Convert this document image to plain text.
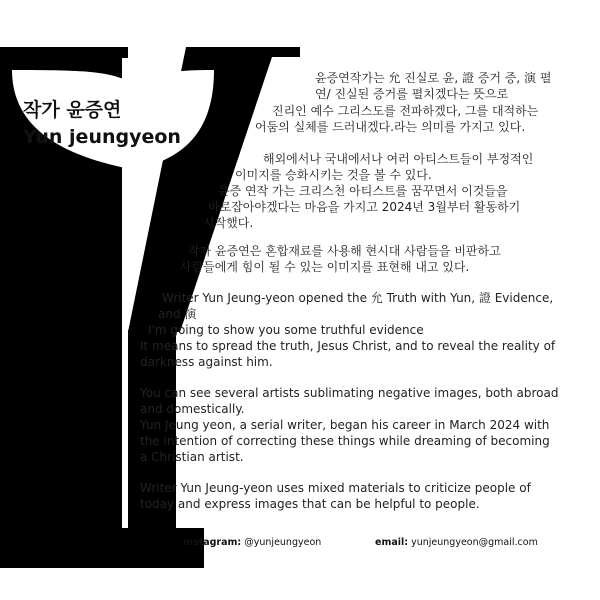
작가 윤증연
Yun jeungyeon
윤증연작가는 允 진실로 윤, 證 증거 증, 演 펼
연/ 진실된 증거를 펼치겠다는 뜻으로
진리인 예수 그리스도를 전파하겠다, 그를 대적하는
어둠의 실체를 드러내겠다.라는 의미를 가지고 있다.
해외에서나 국내에서나 여러 아티스트들이 부정적인
이미지를 승화시키는 것을 볼 수 있다.
윤증 연작 가는 크리스천 아티스트를 꿈꾸면서 이것들을
바로잡아야겠다는 마음을 가지고 2024년 3월부터 활동하기
시작했다.
작가 윤증연은 혼합재료를 사용해 현시대 사람들을 비판하고
사람들에게 힘이 될 수 있는 이미지를 표현해 내고 있다.
Writer Yun Jeung-yeon opened the 允 Truth with Yun, 證 Evidence,
and 演
I'm going to show you some truthful evidence
It means to spread the truth, Jesus Christ, and to reveal the reality of
darkness against him.
You can see several artists sublimating negative images, both abroad
and domestically.
Yun Jeung yeon, a serial writer, began his career in March 2024 with
the intention of correcting these things while dreaming of becoming
a Christian artist.
Writer Yun Jeung-yeon uses mixed materials to criticize people of
today and express images that can be helpful to people.
instagram: @yunjeungyeon	email: yunjeungyeon@gmail.com
